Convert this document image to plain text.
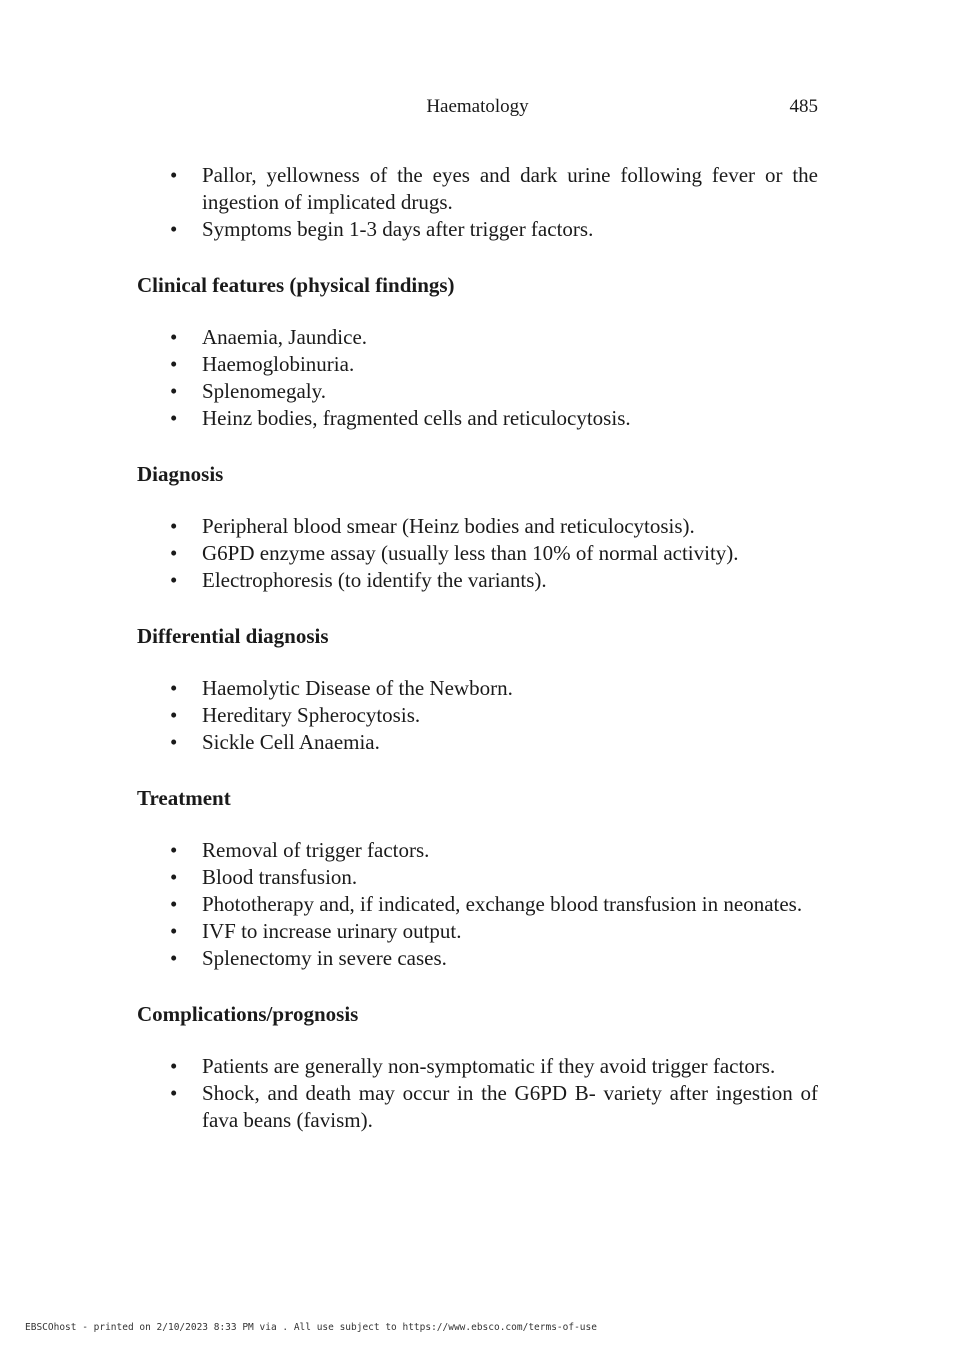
Haematology	485
• Pallor, yellowness of the eyes and dark urine following fever or the ingestion of implicated drugs.
• Symptoms begin 1-3 days after trigger factors.
Clinical features (physical findings)
• Anaemia, Jaundice.
• Haemoglobinuria.
• Splenomegaly.
• Heinz bodies, fragmented cells and reticulocytosis.
Diagnosis
• Peripheral blood smear (Heinz bodies and reticulocytosis).
• G6PD enzyme assay (usually less than 10% of normal activity).
• Electrophoresis (to identify the variants).
Differential diagnosis
• Haemolytic Disease of the Newborn.
• Hereditary Spherocytosis.
• Sickle Cell Anaemia.
Treatment
• Removal of trigger factors.
• Blood transfusion.
• Phototherapy and, if indicated, exchange blood transfusion in neonates.
• IVF to increase urinary output.
• Splenectomy in severe cases.
Complications/prognosis
• Patients are generally non-symptomatic if they avoid trigger factors.
• Shock, and death may occur in the G6PD B- variety after ingestion of fava beans (favism).
EBSCOhost - printed on 2/10/2023 8:33 PM via . All use subject to https://www.ebsco.com/terms-of-use
